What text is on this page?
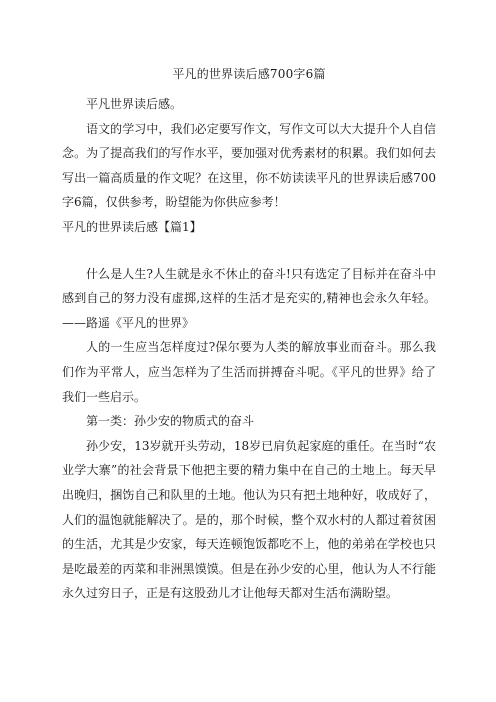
平凡的世界读后感700字6篇

平凡世界读后感。

语文的学习中，我们必定要写作文，写作文可以大大提升个人自信念。为了提高我们的写作水平，要加强对优秀素材的积累。我们如何去写出一篇高质量的作文呢？在这里，你不妨读读平凡的世界读后感700字6篇，仅供参考，盼望能为你供应参考！

平凡的世界读后感【篇1】

什么是人生?人生就是永不休止的奋斗!只有选定了目标并在奋斗中感到自己的努力没有虚掷,这样的生活才是充实的,精神也会永久年轻。——路遥《平凡的世界》

人的一生应当怎样度过?保尔要为人类的解放事业而奋斗。那么我们作为平常人，应当怎样为了生活而拼搏奋斗呢。《平凡的世界》给了我们一些启示。

第一类：孙少安的物质式的奋斗

孙少安，13岁就开头劳动，18岁已肩负起家庭的重任。在当时“农业学大寨”的社会背景下他把主要的精力集中在自己的土地上。每天早出晚归，捆饬自己和队里的土地。他认为只有把土地种好，收成好了，人们的温饱就能解决了。是的，那个时候，整个双水村的人都过着贫困的生活，尤其是少安家，每天连顿饱饭都吃不上，他的弟弟在学校也只是吃最差的丙菜和非洲黑馍馍。但是在孙少安的心里，他认为人不行能永久过穷日子，正是有这股劲儿才让他每天都对生活布满盼望。
